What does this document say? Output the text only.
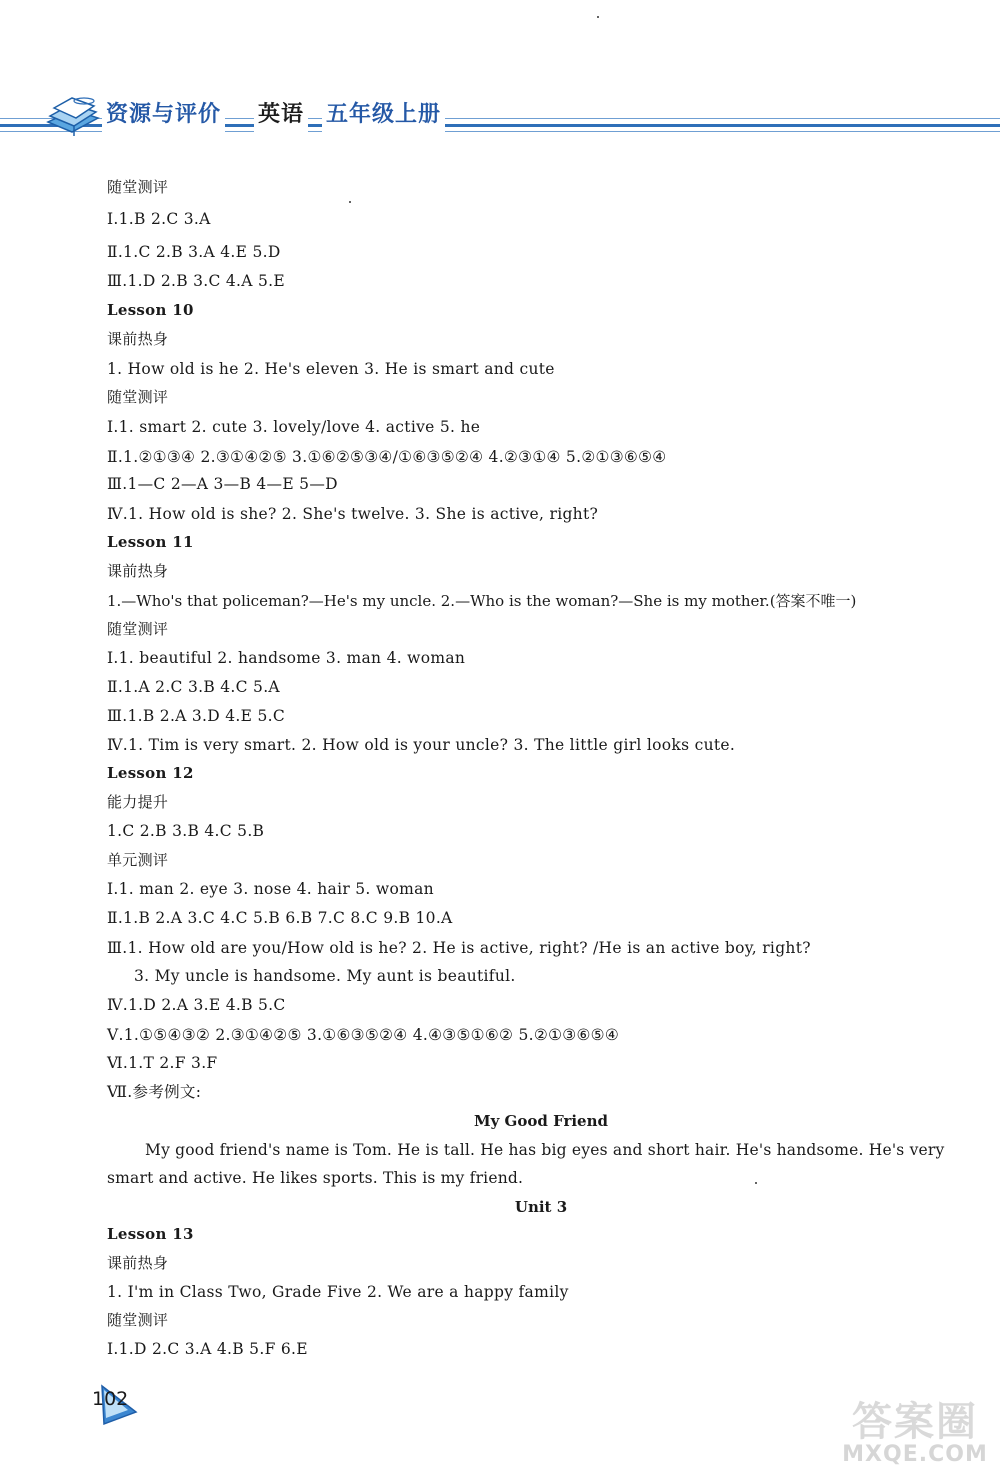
资源与评价 英语 五年级上册
随堂测评
Ⅰ.1.B 2.C 3.A
Ⅱ.1.C 2.B 3.A 4.E 5.D
Ⅲ.1.D 2.B 3.C 4.A 5.E
Lesson 10
课前热身
1. How old is he 2. He's eleven 3. He is smart and cute
随堂测评
Ⅰ.1. smart 2. cute 3. lovely/love 4. active 5. he
Ⅱ.1.②①③④ 2.③①④②⑤ 3.①⑥②⑤③④/①⑥③⑤②④ 4.②③①④ 5.②①③⑥⑤④
Ⅲ.1—C 2—A 3—B 4—E 5—D
Ⅳ.1. How old is she? 2. She's twelve. 3. She is active, right?
Lesson 11
课前热身
1.—Who's that policeman?—He's my uncle. 2.—Who is the woman?—She is my mother.(答案不唯一)
随堂测评
Ⅰ.1. beautiful 2. handsome 3. man 4. woman
Ⅱ.1.A 2.C 3.B 4.C 5.A
Ⅲ.1.B 2.A 3.D 4.E 5.C
Ⅳ.1. Tim is very smart. 2. How old is your uncle? 3. The little girl looks cute.
Lesson 12
能力提升
1.C 2.B 3.B 4.C 5.B
单元测评
Ⅰ.1. man 2. eye 3. nose 4. hair 5. woman
Ⅱ.1.B 2.A 3.C 4.C 5.B 6.B 7.C 8.C 9.B 10.A
Ⅲ.1. How old are you/How old is he? 2. He is active, right? /He is an active boy, right?
3. My uncle is handsome. My aunt is beautiful.
Ⅳ.1.D 2.A 3.E 4.B 5.C
Ⅴ.1.①⑤④③② 2.③①④②⑤ 3.①⑥③⑤②④ 4.④③⑤①⑥② 5.②①③⑥⑤④
Ⅵ.1.T 2.F 3.F
Ⅶ.参考例文:
My Good Friend
My good friend's name is Tom. He is tall. He has big eyes and short hair. He's handsome. He's very smart and active. He likes sports. This is my friend.
Unit 3
Lesson 13
课前热身
1. I'm in Class Two, Grade Five 2. We are a happy family
随堂测评
Ⅰ.1.D 2.C 3.A 4.B 5.F 6.E
102	答案圈
MXQE.COM
